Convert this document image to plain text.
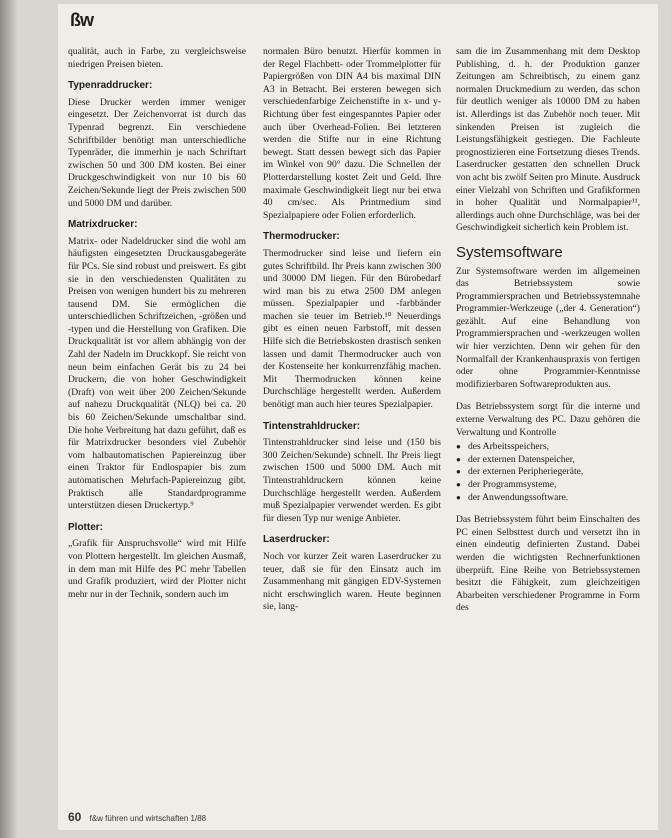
ßw

qualität, auch in Farbe, zu vergleichsweise niedrigen Preisen bieten.

Typenraddrucker:

Diese Drucker werden immer weniger eingesetzt. Der Zeichenvorrat ist durch das Typenrad begrenzt. Ein verschiedene Schriftbilder benötigt man unterschiedliche Typenräder, die immerhin je nach Schriftart zwischen 50 und 300 DM kosten. Bei einer Druckgeschwindigkeit von nur 10 bis 60 Zeichen/Sekunde liegt der Preis zwischen 500 und 5000 DM und darüber.

Matrixdrucker:

Matrix- oder Nadeldrucker sind die wohl am häufigsten eingesetzten Druckausgabegeräte für PCs. Sie sind robust und preiswert. Es gibt sie in den verschiedensten Qualitäten zu Preisen von wenigen hundert bis zu mehreren tausend DM. Sie ermöglichen die unterschiedlichen Schriftzeichen, -größen und -typen und die Herstellung von Grafiken. Die Druckqualität ist vor allem abhängig von der Zahl der Nadeln im Druckkopf. Sie reicht von neun beim einfachen Gerät bis zu 24 bei Druckern, die von hoher Geschwindigkeit (Draft) von weit über 200 Zeichen/Sekunde auf nahezu Druckqualität (NLQ) bei ca. 20 bis 60 Zeichen/Sekunde umschaltbar sind. Die hohe Verbreitung hat dazu geführt, daß es für Matrixdrucker besonders viel Zubehör vom halbautomatischen Papiereinzug über einen Traktor für Endlospapier bis zum automatischen Mehrfach-Papiereinzug gibt. Praktisch alle Standardprogramme unterstützen diesen Druckertyp.⁹

Plotter:

„Grafik für Anspruchsvolle“ wird mit Hilfe von Plottern hergestellt. Im gleichen Ausmaß, in dem man mit Hilfe des PC mehr Tabellen und Grafik produziert, wird der Plotter nicht mehr nur in der Technik, sondern auch im

normalen Büro benutzt. Hierfür kommen in der Regel Flachbett- oder Trommelplotter für Papiergrößen von DIN A4 bis maximal DIN A3 in Betracht. Bei ersteren bewegen sich verschiedenfarbige Zeichenstifte in x- und y-Richtung über fest eingespanntes Papier oder auch über Overhead-Folien. Bei letzteren werden die Stifte nur in eine Richtung bewegt. Statt dessen bewegt sich das Papier im Winkel von 90° dazu. Die Schnellen der Plotterdarstellung kostet Zeit und Geld. Ihre maximale Geschwindigkeit liegt nur bei etwa 40 cm/sec. Als Printmedium sind Spezialpapiere oder Folien erforderlich.

Thermodrucker:

Thermodrucker sind leise und liefern ein gutes Schriftbild. Ihr Preis kann zwischen 300 und 30000 DM liegen. Für den Bürobedarf wird man bis zu etwa 2500 DM anlegen müssen. Spezialpapier und -farbbänder machen sie teuer im Betrieb.¹⁰ Neuerdings gibt es einen neuen Farbstoff, mit dessen Hilfe sich die Betriebskosten drastisch senken lassen und damit Thermodrucker auch von der Kostenseite her konkurrenzfähig machen. Mit Thermodrucken können keine Durchschläge hergestellt werden. Außerdem benötigt man auch hier teures Spezialpapier.

Tintenstrahldrucker:

Tintenstrahldrucker sind leise und (150 bis 300 Zeichen/Sekunde) schnell. Ihr Preis liegt zwischen 1500 und 5000 DM. Auch mit Tintenstrahldruckern können keine Durchschläge hergestellt werden. Außerdem muß Spezialpapier verwendet werden. Es gibt für diesen Typ nur wenige Anbieter.

Laserdrucker:

Noch vor kurzer Zeit waren Laserdrucker zu teuer, daß sie für den Einsatz auch im Zusammenhang mit gängigen EDV-Systemen nicht erschwinglich waren. Heute beginnen sie, lang-

sam die im Zusammenhang mit dem Desktop Publishing, d. h. der Produktion ganzer Zeitungen am Schreibtisch, zu einem ganz normalen Druckmedium zu werden, das schon für deutlich weniger als 10000 DM zu haben ist. Allerdings ist das Zubehör noch teuer. Mit sinkenden Preisen ist zugleich die Leistungsfähigkeit gestiegen. Die Fachleute prognostizieren eine Fortsetzung dieses Trends. Laserdrucker gestatten den schnellen Druck von acht bis zwölf Seiten pro Minute. Ausdruck einer Vielzahl von Schriften und Grafikformen in hoher Qualität und Normalpapier¹¹, allerdings auch ohne Durchschläge, was bei der Geschwindigkeit sicherlich kein Problem ist.

Systemsoftware

Zur Systemsoftware werden im allgemeinen das Betriebssystem sowie Programmiersprachen und Betriebssystemnahe Programmier-Werkzeuge („der 4. Generation“) gezählt. Auf eine Behandlung von Programmiersprachen und -werkzeugen wollen wir hier verzichten. Denn wir gehen für den Normalfall der Krankenhauspraxis von fertigen oder ohne Programmier-Kenntnisse modifizierbaren Softwareprodukten aus.

Das Betriebssystem sorgt für die interne und externe Verwaltung des PC. Dazu gehören die Verwaltung und Kontrolle

● des Arbeitsspeichers,
● der externen Datenspeicher,
● der externen Peripheriegeräte,
● der Programmsysteme,
● der Anwendungssoftware.

Das Betriebssystem führt beim Einschalten des PC einen Selbsttest durch und versetzt ihn in einen eindeutig definierten Zustand. Dabei werden die wichtigsten Rechnerfunktionen überprüft. Eine Reihe von Betriebssystemen besitzt die Fähigkeit, zum gleichzeitigen Abarbeiten verschiedener Programme in Form des

60 f&w führen und wirtschaften 1/88
